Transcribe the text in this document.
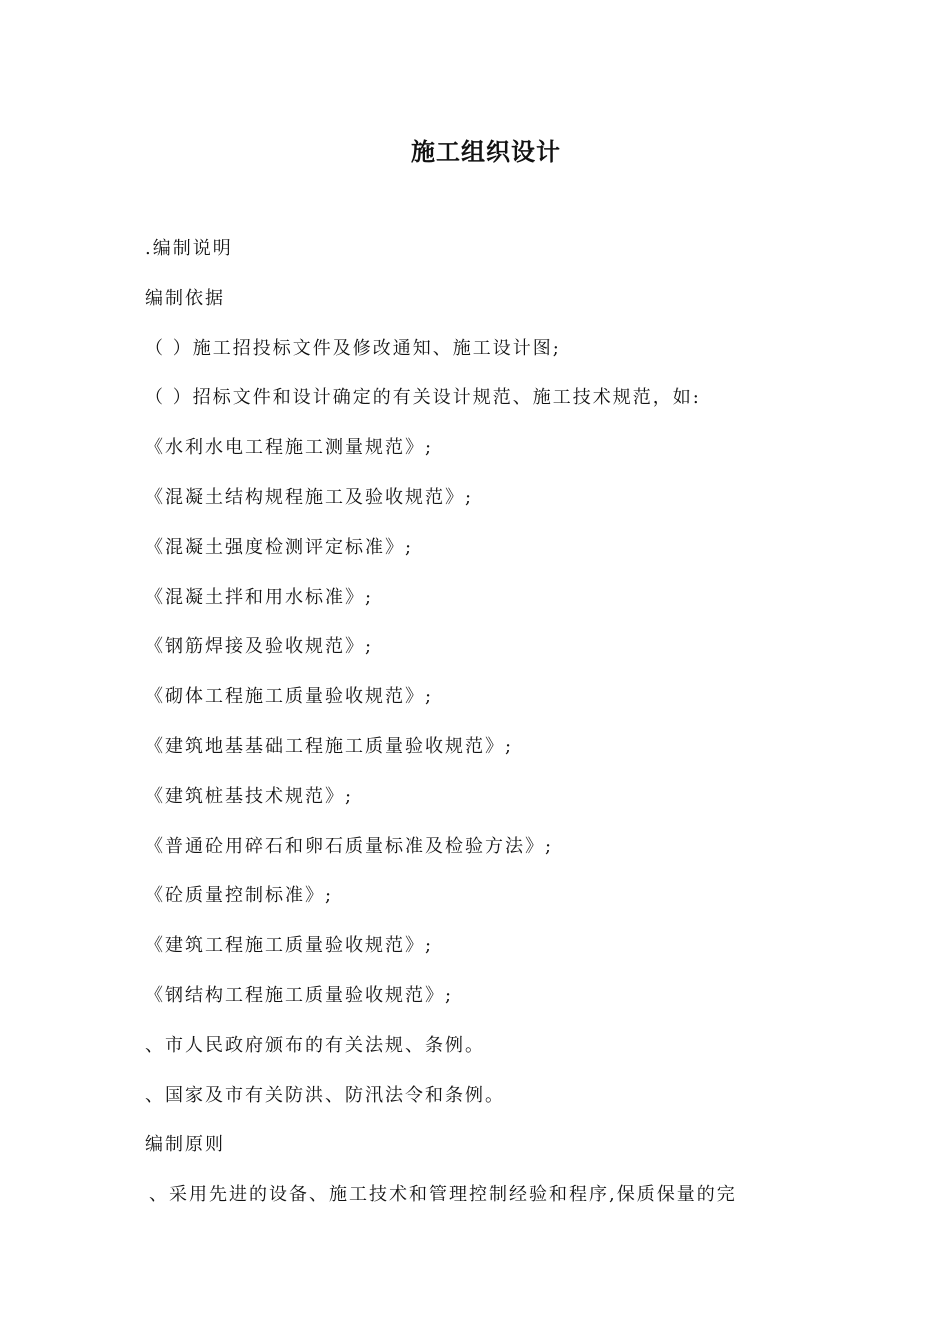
施工组织设计
.编制说明
编制依据
（ ）施工招投标文件及修改通知、施工设计图;
（ ）招标文件和设计确定的有关设计规范、施工技术规范，如:
《水利水电工程施工测量规范》;
《混凝土结构规程施工及验收规范》;
《混凝土强度检测评定标准》;
《混凝土拌和用水标准》;
《钢筋焊接及验收规范》;
《砌体工程施工质量验收规范》;
《建筑地基基础工程施工质量验收规范》;
《建筑桩基技术规范》;
《普通砼用碎石和卵石质量标准及检验方法》;
《砼质量控制标准》;
《建筑工程施工质量验收规范》;
《钢结构工程施工质量验收规范》;
、市人民政府颁布的有关法规、条例。
、国家及市有关防洪、防汛法令和条例。
编制原则
、采用先进的设备、施工技术和管理控制经验和程序,保质保量的完
